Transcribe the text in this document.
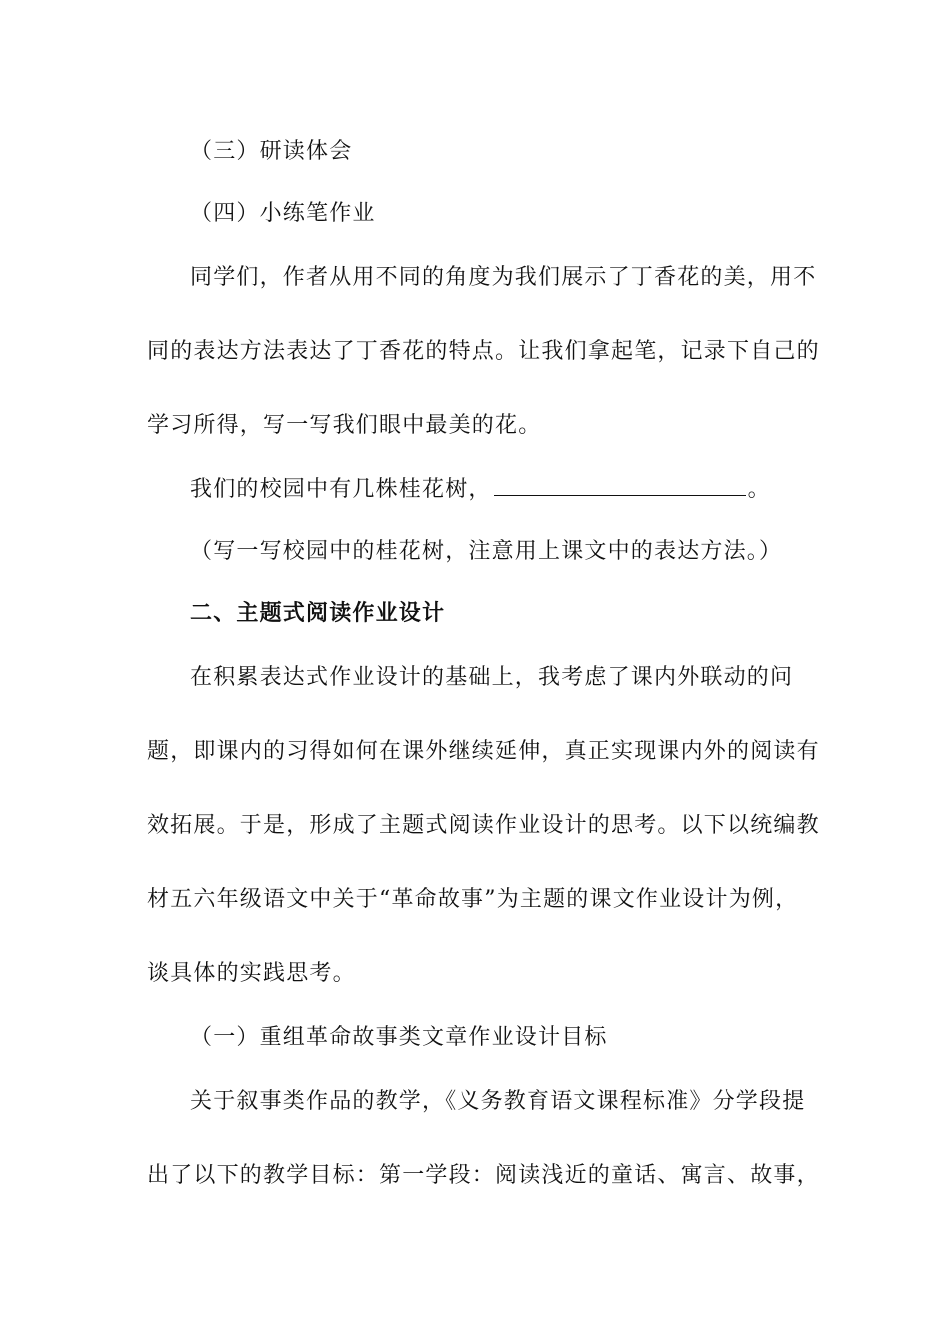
（三）研读体会
（四）小练笔作业
同学们，作者从用不同的角度为我们展示了丁香花的美，用不
同的表达方法表达了丁香花的特点。让我们拿起笔，记录下自己的
学习所得，写一写我们眼中最美的花。
我们的校园中有几株桂花树，	。
（写一写校园中的桂花树，注意用上课文中的表达方法。）
二、主题式阅读作业设计
在积累表达式作业设计的基础上，我考虑了课内外联动的问
题，即课内的习得如何在课外继续延伸，真正实现课内外的阅读有
效拓展。于是，形成了主题式阅读作业设计的思考。以下以统编教
材五六年级语文中关于“革命故事”为主题的课文作业设计为例，
谈具体的实践思考。
（一）重组革命故事类文章作业设计目标
关于叙事类作品的教学，《义务教育语文课程标准》分学段提
出了以下的教学目标：第一学段：阅读浅近的童话、寓言、故事，
